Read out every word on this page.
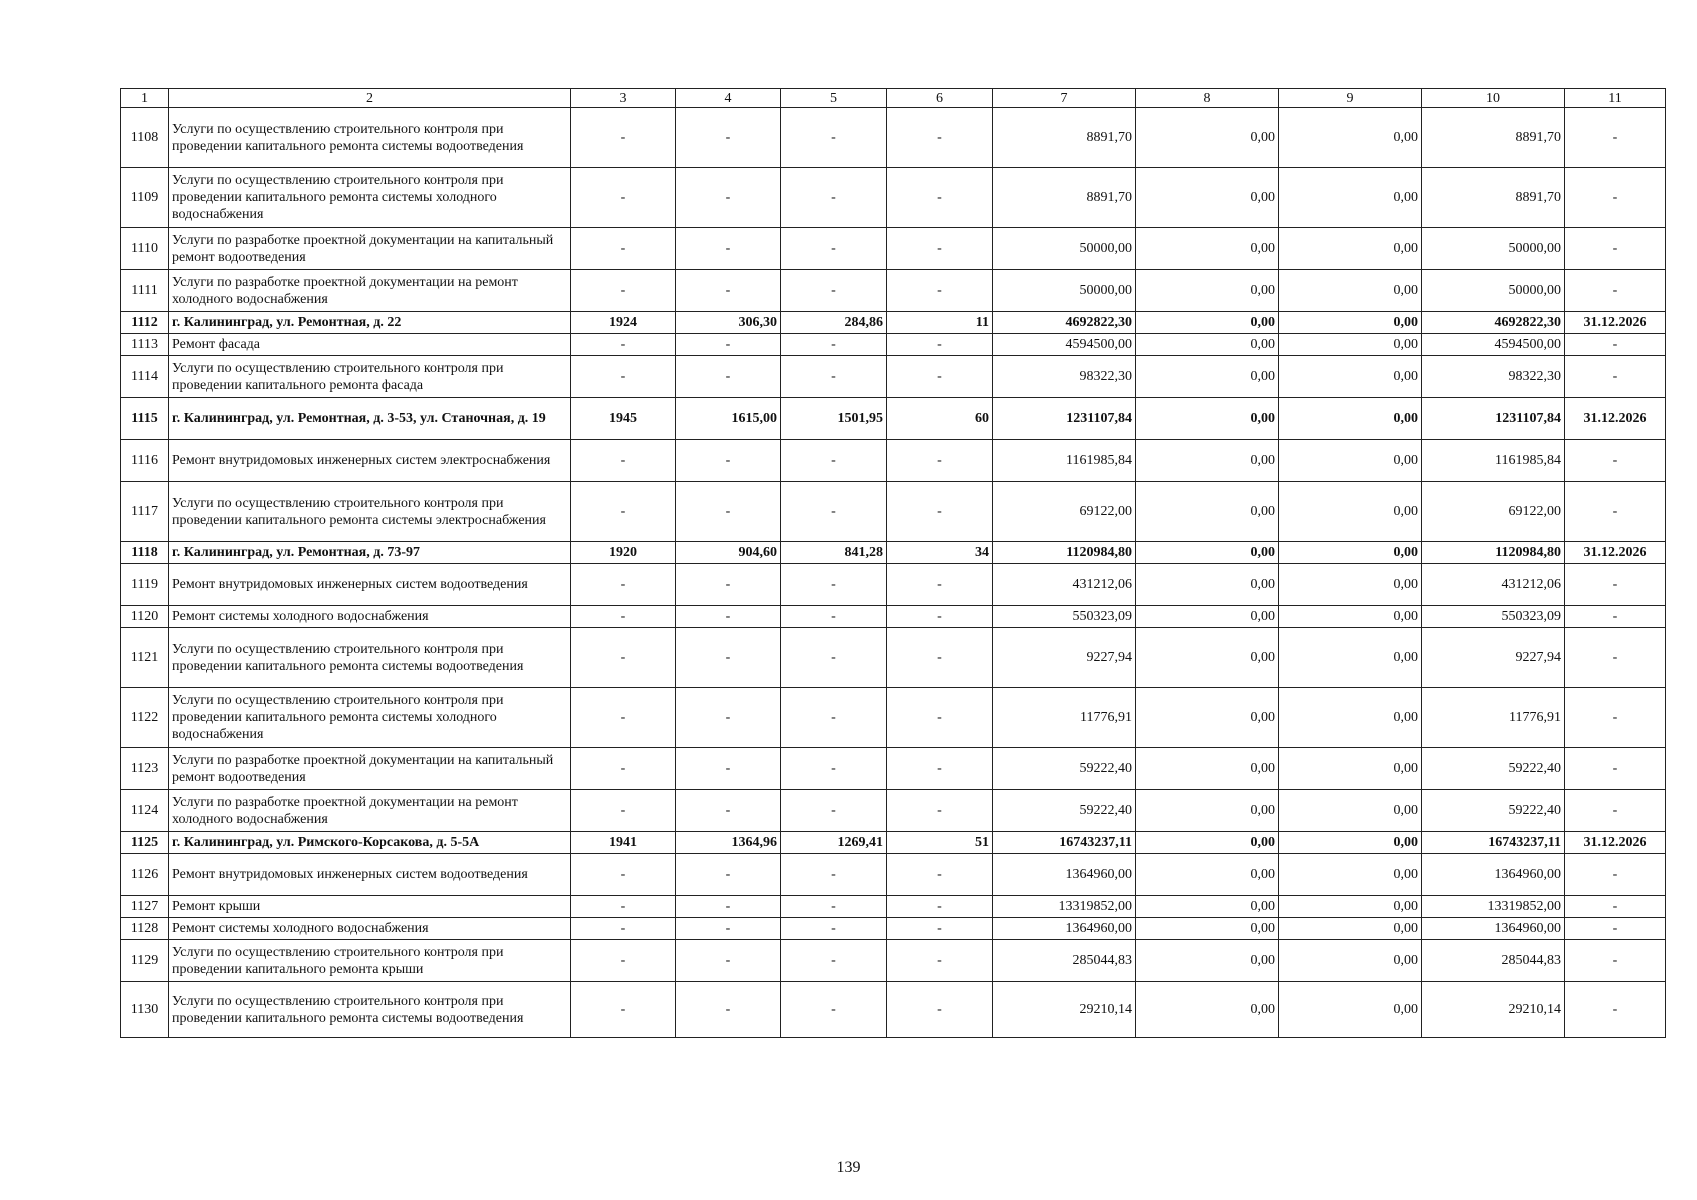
1	2	3	4	5	6	7	8	9	10	11
1108	Услуги по осуществлению строительного контроля при проведении капитального ремонта системы водоотведения	-	-	-	-	8891,70	0,00	0,00	8891,70	-
1109	Услуги по осуществлению строительного контроля при проведении капитального ремонта системы холодного водоснабжения	-	-	-	-	8891,70	0,00	0,00	8891,70	-
1110	Услуги по разработке проектной документации на капитальный ремонт водоотведения	-	-	-	-	50000,00	0,00	0,00	50000,00	-
1111	Услуги по разработке проектной документации на ремонт холодного водоснабжения	-	-	-	-	50000,00	0,00	0,00	50000,00	-
1112	г. Калининград, ул. Ремонтная, д. 22	1924	306,30	284,86	11	4692822,30	0,00	0,00	4692822,30	31.12.2026
1113	Ремонт фасада	-	-	-	-	4594500,00	0,00	0,00	4594500,00	-
1114	Услуги по осуществлению строительного контроля при проведении капитального ремонта фасада	-	-	-	-	98322,30	0,00	0,00	98322,30	-
1115	г. Калининград, ул. Ремонтная, д. 3-53, ул. Станочная, д. 19	1945	1615,00	1501,95	60	1231107,84	0,00	0,00	1231107,84	31.12.2026
1116	Ремонт внутридомовых инженерных систем электроснабжения	-	-	-	-	1161985,84	0,00	0,00	1161985,84	-
1117	Услуги по осуществлению строительного контроля при проведении капитального ремонта системы электроснабжения	-	-	-	-	69122,00	0,00	0,00	69122,00	-
1118	г. Калининград, ул. Ремонтная, д. 73-97	1920	904,60	841,28	34	1120984,80	0,00	0,00	1120984,80	31.12.2026
1119	Ремонт внутридомовых инженерных систем водоотведения	-	-	-	-	431212,06	0,00	0,00	431212,06	-
1120	Ремонт системы холодного водоснабжения	-	-	-	-	550323,09	0,00	0,00	550323,09	-
1121	Услуги по осуществлению строительного контроля при проведении капитального ремонта системы водоотведения	-	-	-	-	9227,94	0,00	0,00	9227,94	-
1122	Услуги по осуществлению строительного контроля при проведении капитального ремонта системы холодного водоснабжения	-	-	-	-	11776,91	0,00	0,00	11776,91	-
1123	Услуги по разработке проектной документации на капитальный ремонт водоотведения	-	-	-	-	59222,40	0,00	0,00	59222,40	-
1124	Услуги по разработке проектной документации на ремонт холодного водоснабжения	-	-	-	-	59222,40	0,00	0,00	59222,40	-
1125	г. Калининград, ул. Римского-Корсакова, д. 5-5А	1941	1364,96	1269,41	51	16743237,11	0,00	0,00	16743237,11	31.12.2026
1126	Ремонт внутридомовых инженерных систем водоотведения	-	-	-	-	1364960,00	0,00	0,00	1364960,00	-
1127	Ремонт крыши	-	-	-	-	13319852,00	0,00	0,00	13319852,00	-
1128	Ремонт системы холодного водоснабжения	-	-	-	-	1364960,00	0,00	0,00	1364960,00	-
1129	Услуги по осуществлению строительного контроля при проведении капитального ремонта крыши	-	-	-	-	285044,83	0,00	0,00	285044,83	-
1130	Услуги по осуществлению строительного контроля при проведении капитального ремонта системы водоотведения	-	-	-	-	29210,14	0,00	0,00	29210,14	-
139
